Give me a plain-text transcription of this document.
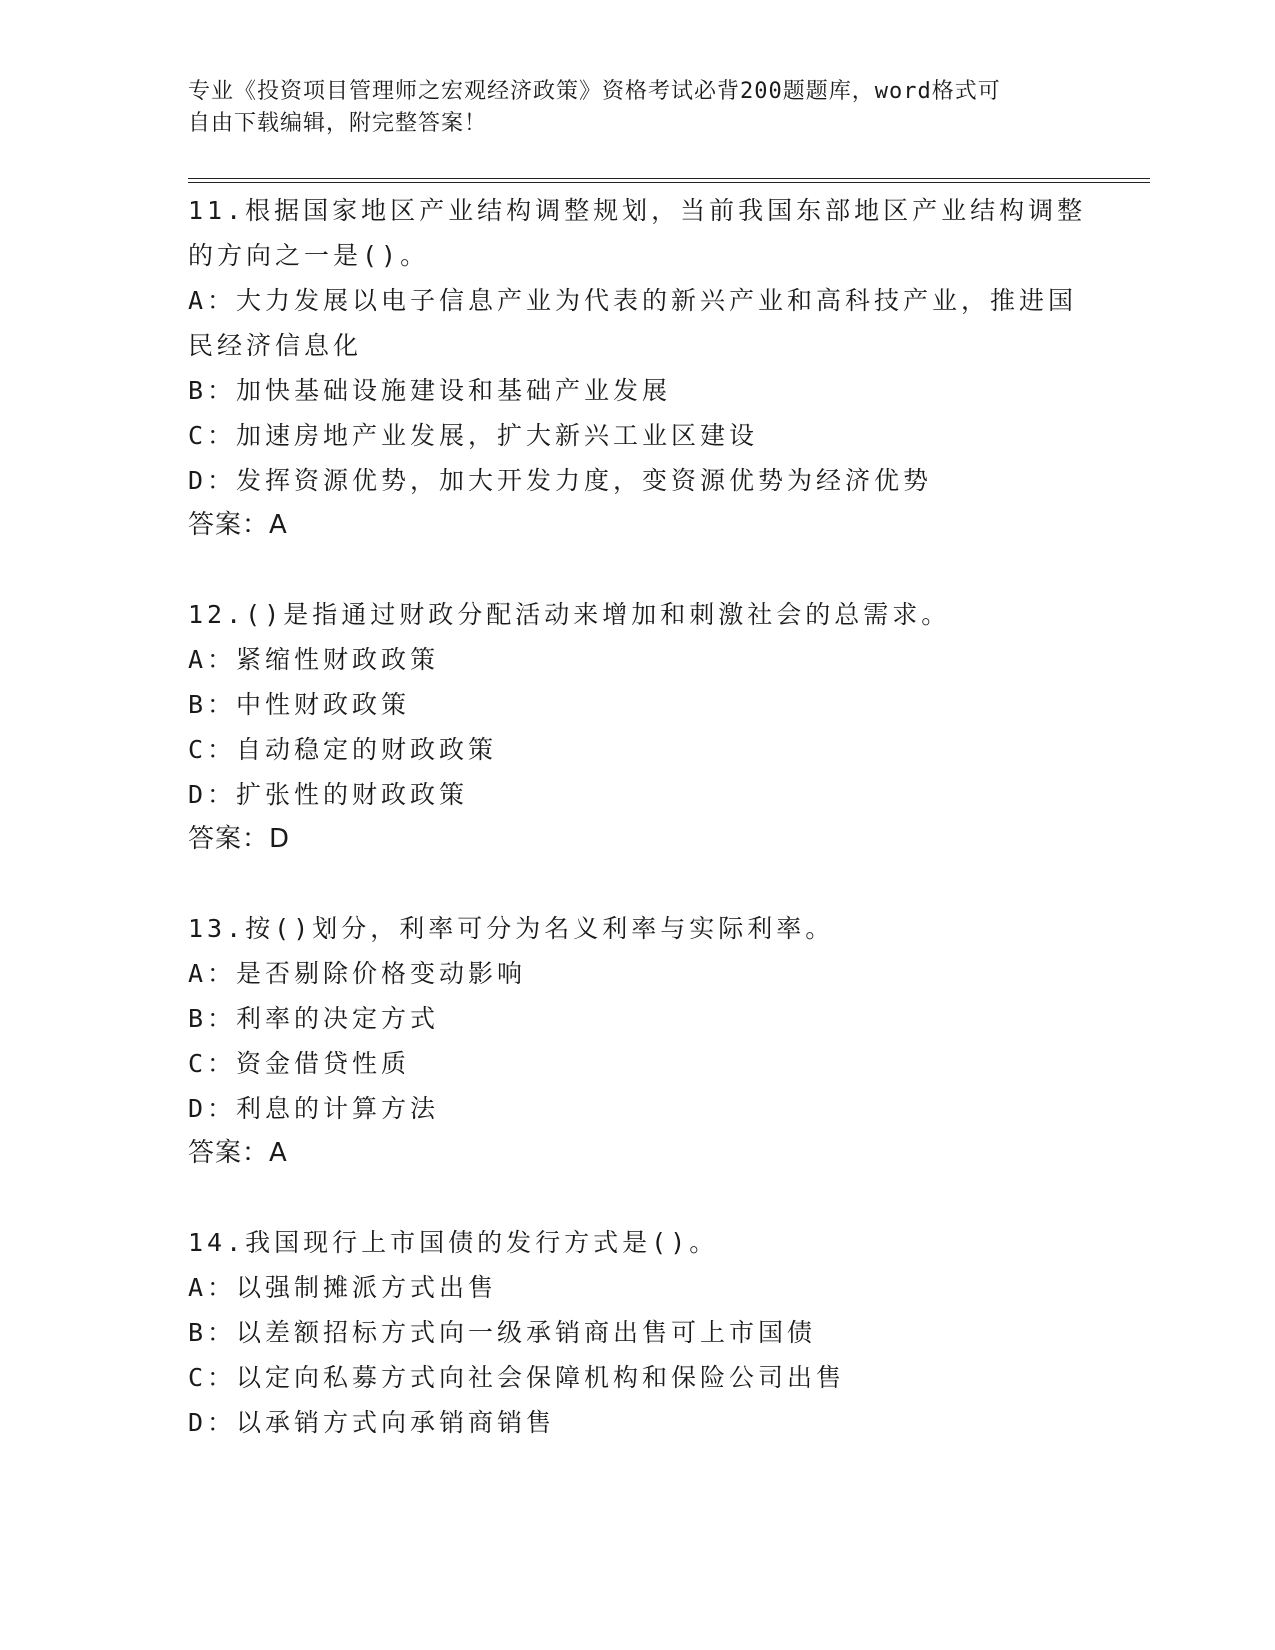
专业《投资项目管理师之宏观经济政策》资格考试必背200题题库，word格式可
自由下载编辑，附完整答案！
11.根据国家地区产业结构调整规划，当前我国东部地区产业结构调整
的方向之一是()。
A：大力发展以电子信息产业为代表的新兴产业和高科技产业，推进国
民经济信息化
B：加快基础设施建设和基础产业发展
C：加速房地产业发展，扩大新兴工业区建设
D：发挥资源优势，加大开发力度，变资源优势为经济优势
答案：A
12.()是指通过财政分配活动来增加和刺激社会的总需求。
A：紧缩性财政政策
B：中性财政政策
C：自动稳定的财政政策
D：扩张性的财政政策
答案：D
13.按()划分，利率可分为名义利率与实际利率。
A：是否剔除价格变动影响
B：利率的决定方式
C：资金借贷性质
D：利息的计算方法
答案：A
14.我国现行上市国债的发行方式是()。
A：以强制摊派方式出售
B：以差额招标方式向一级承销商出售可上市国债
C：以定向私募方式向社会保障机构和保险公司出售
D：以承销方式向承销商销售
